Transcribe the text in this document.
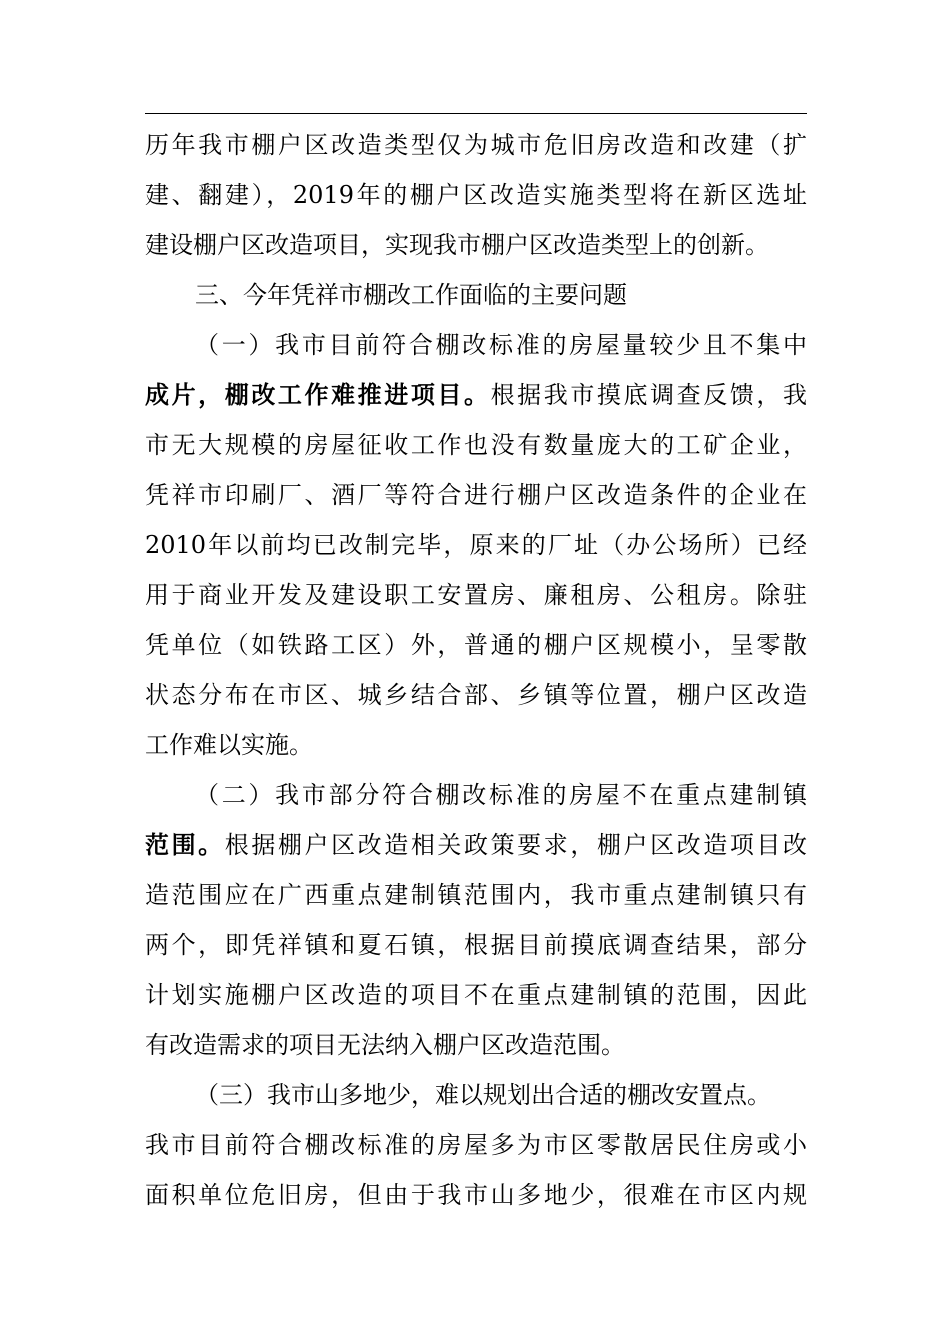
历年我市棚户区改造类型仅为城市危旧房改造和改建（扩
建、翻建），2019年的棚户区改造实施类型将在新区选址
建设棚户区改造项目，实现我市棚户区改造类型上的创新。
三、今年凭祥市棚改工作面临的主要问题
（一）我市目前符合棚改标准的房屋量较少且不集中
成片，棚改工作难推进项目。根据我市摸底调查反馈，我
市无大规模的房屋征收工作也没有数量庞大的工矿企业，
凭祥市印刷厂、酒厂等符合进行棚户区改造条件的企业在
2010年以前均已改制完毕，原来的厂址（办公场所）已经
用于商业开发及建设职工安置房、廉租房、公租房。除驻
凭单位（如铁路工区）外，普通的棚户区规模小，呈零散
状态分布在市区、城乡结合部、乡镇等位置，棚户区改造
工作难以实施。
（二）我市部分符合棚改标准的房屋不在重点建制镇
范围。根据棚户区改造相关政策要求，棚户区改造项目改
造范围应在广西重点建制镇范围内，我市重点建制镇只有
两个，即凭祥镇和夏石镇，根据目前摸底调查结果，部分
计划实施棚户区改造的项目不在重点建制镇的范围，因此
有改造需求的项目无法纳入棚户区改造范围。
（三）我市山多地少，难以规划出合适的棚改安置点。
我市目前符合棚改标准的房屋多为市区零散居民住房或小
面积单位危旧房，但由于我市山多地少，很难在市区内规
